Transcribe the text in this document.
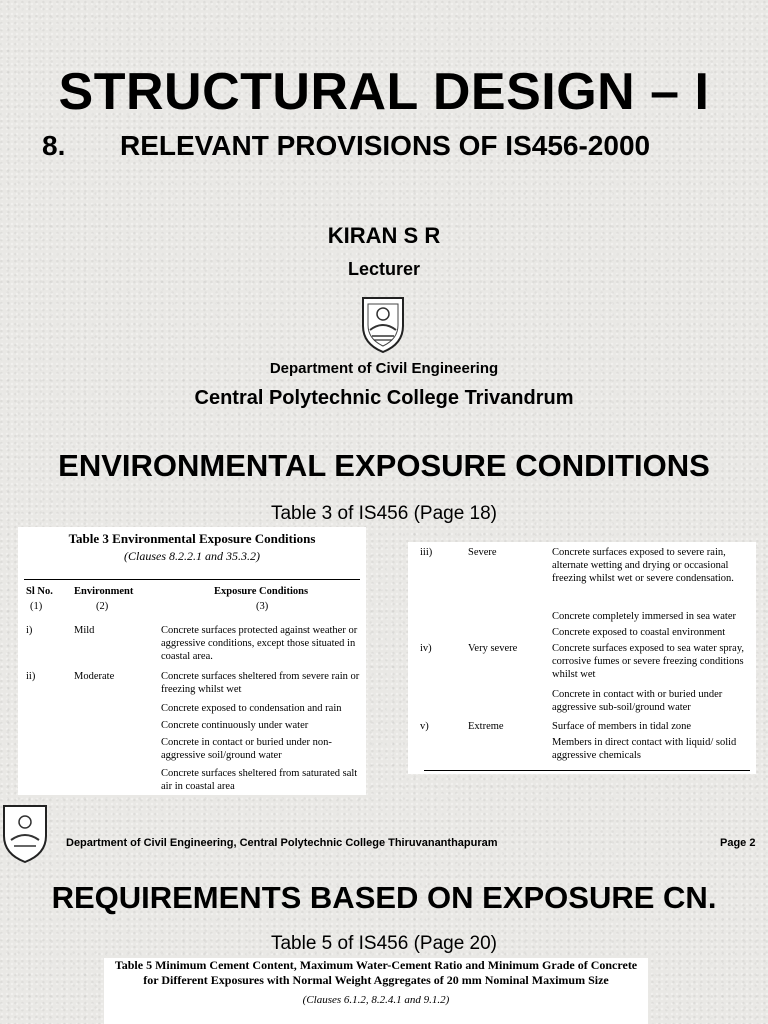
STRUCTURAL DESIGN – I
8. RELEVANT PROVISIONS OF IS456-2000
KIRAN S R
Lecturer
Department of Civil Engineering
Central Polytechnic College Trivandrum
ENVIRONMENTAL EXPOSURE CONDITIONS
Table 3 of IS456 (Page 18)
Table 3 Environmental Exposure Conditions
(Clauses 8.2.2.1 and 35.3.2)
Sl No. Environment	Exposure Conditions
(1)	(2)	(3)
i)	Mild	Concrete surfaces protected against weather or aggressive conditions, except those situated in coastal area.
ii)	Moderate	Concrete surfaces sheltered from severe rain or freezing whilst wet
Concrete exposed to condensation and rain
Concrete continuously under water
Concrete in contact or buried under non-aggressive soil/ground water
Concrete surfaces sheltered from saturated salt air in coastal area
iii)	Severe	Concrete surfaces exposed to severe rain, alternate wetting and drying or occasional freezing whilst wet or severe condensation.
Concrete completely immersed in sea water
Concrete exposed to coastal environment
iv)	Very severe	Concrete surfaces exposed to sea water spray, corrosive fumes or severe freezing conditions whilst wet
Concrete in contact with or buried under aggressive sub-soil/ground water
v)	Extreme	Surface of members in tidal zone
Members in direct contact with liquid/ solid aggressive chemicals
Department of Civil Engineering, Central Polytechnic College Thiruvananthapuram	Page 2
REQUIREMENTS BASED ON EXPOSURE CN.
Table 5 of IS456 (Page 20)
Table 5 Minimum Cement Content, Maximum Water-Cement Ratio and Minimum Grade of Concrete
for Different Exposures with Normal Weight Aggregates of 20 mm Nominal Maximum Size
(Clauses 6.1.2, 8.2.4.1 and 9.1.2)
